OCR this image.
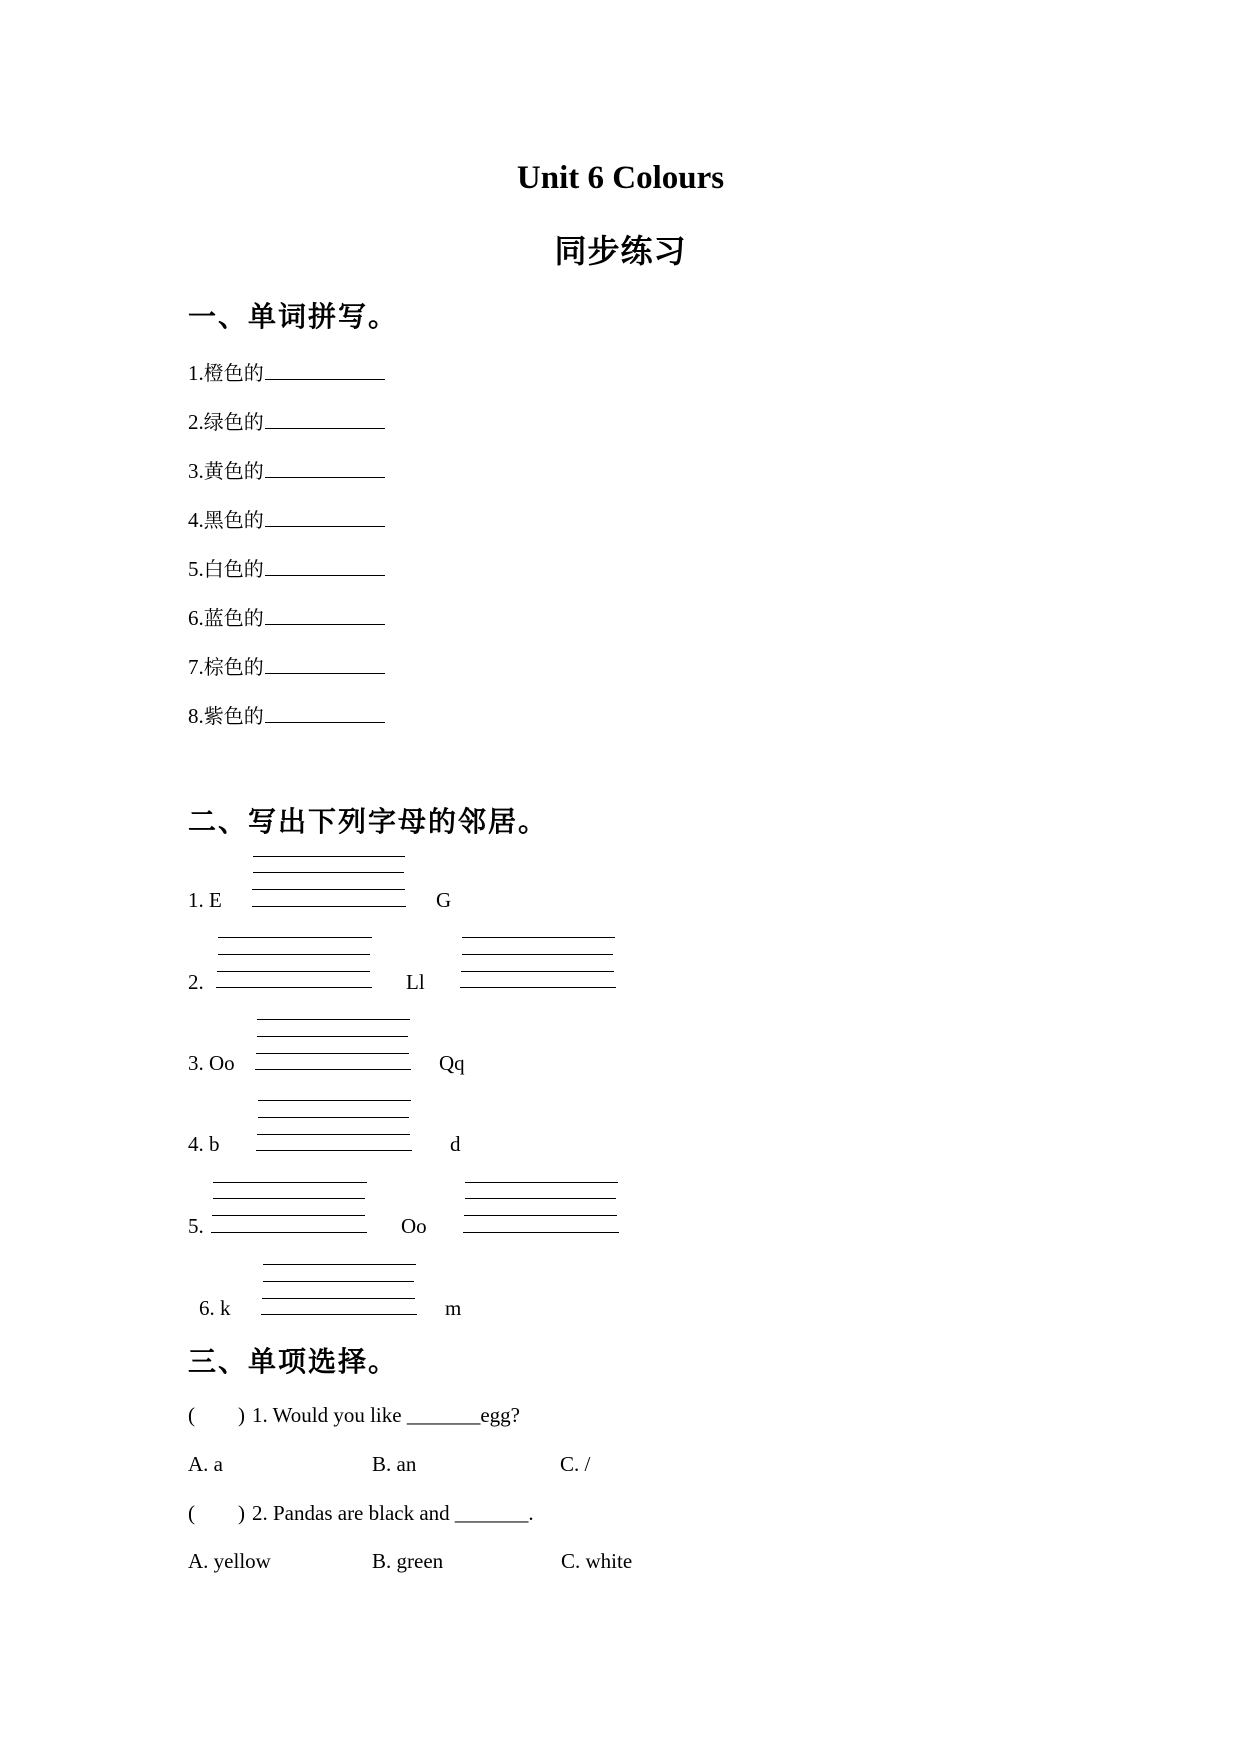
Unit 6 Colours
同步练习
一、单词拼写。
1.橙色的
2.绿色的
3.黄色的
4.黑色的
5.白色的
6.蓝色的
7.棕色的
8.紫色的
二、写出下列字母的邻居。
1. E	G
2.	Ll
3. Oo	Qq
4. b	d
5.	Oo
6. k	m
三、单项选择。
( ) 1. Would you like _______egg?
A. a	B. an	C. /
( ) 2. Pandas are black and _______.
A. yellow	B. green	C. white
